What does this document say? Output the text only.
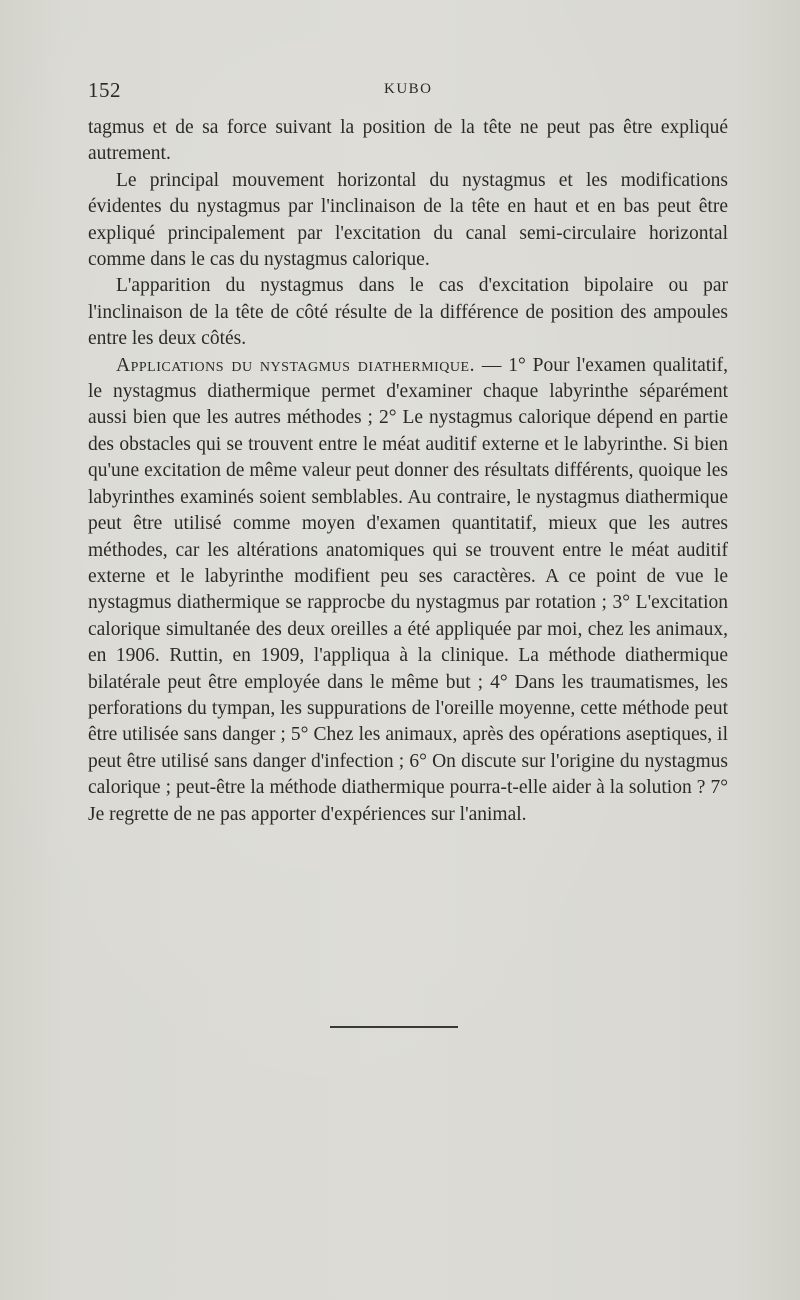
152	KUBO

tagmus et de sa force suivant la position de la tête ne peut pas être expliqué autrement.

Le principal mouvement horizontal du nystagmus et les modifications évidentes du nystagmus par l'inclinaison de la tête en haut et en bas peut être expliqué principalement par l'excitation du canal semi-circulaire horizontal comme dans le cas du nystagmus calorique.

L'apparition du nystagmus dans le cas d'excitation bipolaire ou par l'inclinaison de la tête de côté résulte de la différence de position des ampoules entre les deux côtés.

Applications du nystagmus diathermique. — 1° Pour l'examen qualitatif, le nystagmus diathermique permet d'examiner chaque labyrinthe séparément aussi bien que les autres méthodes ; 2° Le nystagmus calorique dépend en partie des obstacles qui se trouvent entre le méat auditif externe et le labyrinthe. Si bien qu'une excitation de même valeur peut donner des résultats différents, quoique les labyrinthes examinés soient semblables. Au contraire, le nystagmus diathermique peut être utilisé comme moyen d'examen quantitatif, mieux que les autres méthodes, car les altérations anatomiques qui se trouvent entre le méat auditif externe et le labyrinthe modifient peu ses caractères. A ce point de vue le nystagmus diathermique se rapprocbe du nystagmus par rotation ; 3° L'excitation calorique simultanée des deux oreilles a été appliquée par moi, chez les animaux, en 1906. Ruttin, en 1909, l'appliqua à la clinique. La méthode diathermique bilatérale peut être employée dans le même but ; 4° Dans les traumatismes, les perforations du tympan, les suppurations de l'oreille moyenne, cette méthode peut être utilisée sans danger ; 5° Chez les animaux, après des opérations aseptiques, il peut être utilisé sans danger d'infection ; 6° On discute sur l'origine du nystagmus calorique ; peut-être la méthode diathermique pourra-t-elle aider à la solution ? 7° Je regrette de ne pas apporter d'expériences sur l'animal.
